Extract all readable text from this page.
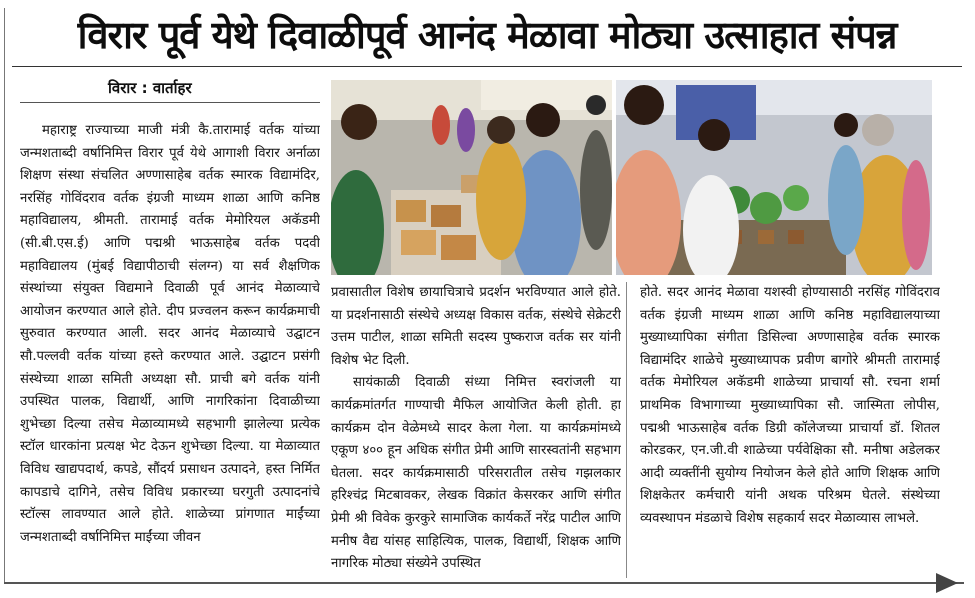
विरार पूर्व येथे दिवाळीपूर्व आनंद मेळावा मोठ्या उत्साहात संपन्न
विरार : वार्ताहर

महाराष्ट्र राज्याच्या माजी मंत्री कै.तारामाई वर्तक यांच्या जन्मशताब्दी वर्षानिमित्त विरार पूर्व येथे आगाशी विरार अर्नाळा शिक्षण संस्था संचलित अण्णासाहेब वर्तक स्मारक विद्यामंदिर, नरसिंह गोविंदराव वर्तक इंग्रजी माध्यम शाळा आणि कनिष्ठ महाविद्यालय, श्रीमती. तारामाई वर्तक मेमोरियल अकॅडमी (सी.बी.एस.ई) आणि पद्मश्री भाऊसाहेब वर्तक पदवी महाविद्यालय (मुंबई विद्यापीठाची संलग्न) या सर्व शैक्षणिक संस्थांच्या संयुक्त विद्यमाने दिवाळी पूर्व आनंद मेळाव्याचे आयोजन करण्यात आले होते. दीप प्रज्वलन करून कार्यक्रमाची सुरुवात करण्यात आली. सदर आनंद मेळाव्याचे उद्घाटन सौ.पल्लवी वर्तक यांच्या हस्ते करण्यात आले. उद्घाटन प्रसंगी संस्थेच्या शाळा समिती अध्यक्षा सौ. प्राची बगे वर्तक यांनी उपस्थित पालक, विद्यार्थी, आणि नागरिकांना दिवाळीच्या शुभेच्छा दिल्या तसेच मेळाव्यामध्ये सहभागी झालेल्या प्रत्येक स्टॉल धारकांना प्रत्यक्ष भेट देऊन शुभेच्छा दिल्या. या मेळाव्यात विविध खाद्यपदार्थ, कपडे, सौंदर्य प्रसाधन उत्पादने, हस्त निर्मित कापडाचे दागिने, तसेच विविध प्रकारच्या घरगुती उत्पादनांचे स्टॉल्स लावण्यात आले होते. शाळेच्या प्रांगणात माईंच्या जन्मशताब्दी वर्षानिमित्त माईंच्या जीवन

प्रवासातील विशेष छायाचित्राचे प्रदर्शन भरविण्यात आले होते. या प्रदर्शनासाठी संस्थेचे अध्यक्ष विकास वर्तक, संस्थेचे सेक्रेटरी उत्तम पाटील, शाळा समिती सदस्य पुष्कराज वर्तक सर यांनी विशेष भेट दिली.

सायंकाळी दिवाळी संध्या निमित्त स्वरांजली या कार्यक्रमांतर्गत गाण्याची मैफिल आयोजित केली होती. हा कार्यक्रम दोन वेळेमध्ये सादर केला गेला. या कार्यक्रमांमध्ये एकूण ४०० हून अधिक संगीत प्रेमी आणि सारस्वतांनी सहभाग घेतला. सदर कार्यक्रमासाठी परिसरातील तसेच गझलकार हरिश्चंद्र मिटबावकर, लेखक विक्रांत केसरकर आणि संगीत प्रेमी श्री विवेक कुरकुरे सामाजिक कार्यकर्ते नरेंद्र पाटील आणि मनीष वैद्य यांसह साहित्यिक, पालक, विद्यार्थी, शिक्षक आणि नागरिक मोठ्या संख्येने उपस्थित

होते. सदर आनंद मेळावा यशस्वी होण्यासाठी नरसिंह गोविंदराव वर्तक इंग्रजी माध्यम शाळा आणि कनिष्ठ महाविद्यालयाच्या मुख्याध्यापिका संगीता डिसिल्वा अण्णासाहेब वर्तक स्मारक विद्यामंदिर शाळेचे मुख्याध्यापक प्रवीण बागोरे श्रीमती तारामाई वर्तक मेमोरियल अकॅडमी शाळेच्या प्राचार्या सौ. रचना शर्मा प्राथमिक विभागाच्या मुख्याध्यापिका सौ. जास्मिता लोपीस, पद्मश्री भाऊसाहेब वर्तक डिग्री कॉलेजच्या प्राचार्या डॉ. शितल कोरडकर, एन.जी.वी शाळेच्या पर्यवेक्षिका सौ. मनीषा अडेलकर आदी व्यक्तींनी सुयोग्य नियोजन केले होते आणि शिक्षक आणि शिक्षकेतर कर्मचारी यांनी अथक परिश्रम घेतले. संस्थेच्या व्यवस्थापन मंडळाचे विशेष सहकार्य सदर मेळाव्यास लाभले.
